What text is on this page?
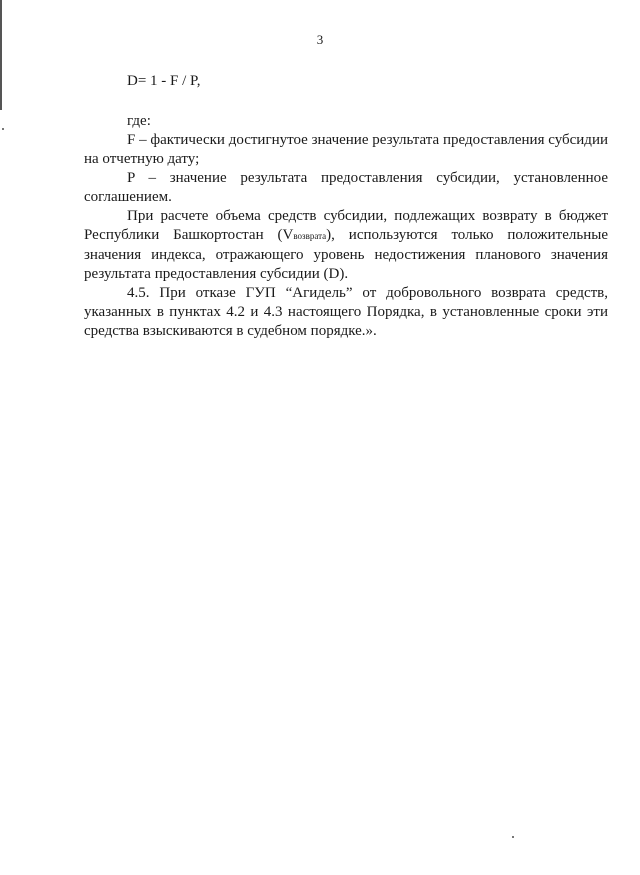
3
D= 1 - F / P,

где:

F – фактически достигнутое значение результата предоставления субсидии на отчетную дату;

P – значение результата предоставления субсидии, установленное соглашением.

При расчете объема средств субсидии, подлежащих возврату в бюджет Республики Башкортостан (Vвозврата), используются только положительные значения индекса, отражающего уровень недостижения планового значения результата предоставления субсидии (D).

4.5. При отказе ГУП “Агидель” от добровольного возврата средств, указанных в пунктах 4.2 и 4.3 настоящего Порядка, в установленные сроки эти средства взыскиваются в судебном порядке.».
